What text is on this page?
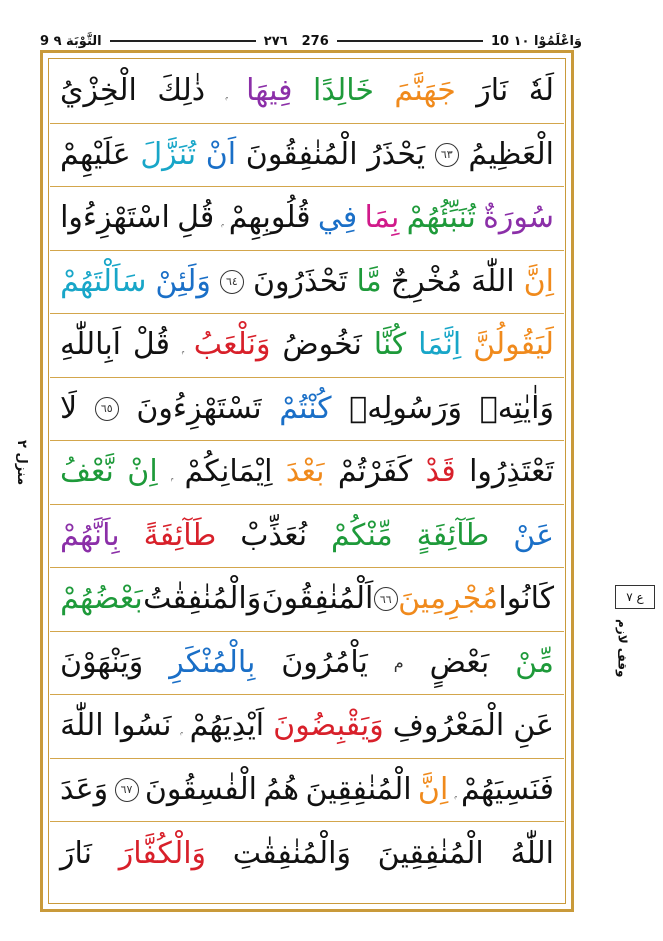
9 التَّوْبَة ٩	٢٧٦ 276	10 وَاعْلَمُوْا ١٠
منزل ٢
ع ٧
وقف لازم
لَهٗ
نَارَ
جَهَنَّمَ
خَالِدًا
فِيهَا
ذٰلِكَ
الْخِزْيُ
الْعَظِيمُ
٦٣
يَحْذَرُ
الْمُنٰفِقُونَ
اَنْ
تُنَزَّلَ
عَلَيْهِمْ
سُورَةٌ
تُنَبِّئُهُمْ
بِمَا
فِي
قُلُوبِهِمْ
قُلِ
اسْتَهْزِءُوا
اِنَّ
اللّٰهَ
مُخْرِجٌ
مَّا
تَحْذَرُونَ
٦٤
وَلَئِنْ
سَاَلْتَهُمْ
لَيَقُولُنَّ
اِنَّمَا
كُنَّا
نَخُوضُ
وَنَلْعَبُ
قُلْ
اَبِاللّٰهِ
وَاٰيٰتِهٖ
وَرَسُولِهٖ
كُنْتُمْ
تَسْتَهْزِءُونَ
٦٥
لَا
تَعْتَذِرُوا
قَدْ
كَفَرْتُمْ
بَعْدَ
اِيْمَانِكُمْ
اِنْ
نَّعْفُ
عَنْ
طَآئِفَةٍ
مِّنْكُمْ
نُعَذِّبْ
طَآئِفَةً
بِاَنَّهُمْ
كَانُوا
مُجْرِمِينَ
٦٦
اَلْمُنٰفِقُونَ
وَالْمُنٰفِقٰتُ
بَعْضُهُمْ
مِّنْ
بَعْضٍ
م
يَاْمُرُونَ
بِالْمُنْكَرِ
وَيَنْهَوْنَ
عَنِ
الْمَعْرُوفِ
وَيَقْبِضُونَ
اَيْدِيَهُمْ
نَسُوا
اللّٰهَ
فَنَسِيَهُمْ
اِنَّ
الْمُنٰفِقِينَ
هُمُ
الْفٰسِقُونَ
٦٧
وَعَدَ
اللّٰهُ
الْمُنٰفِقِينَ
وَالْمُنٰفِقٰتِ
وَالْكُفَّارَ
نَارَ
